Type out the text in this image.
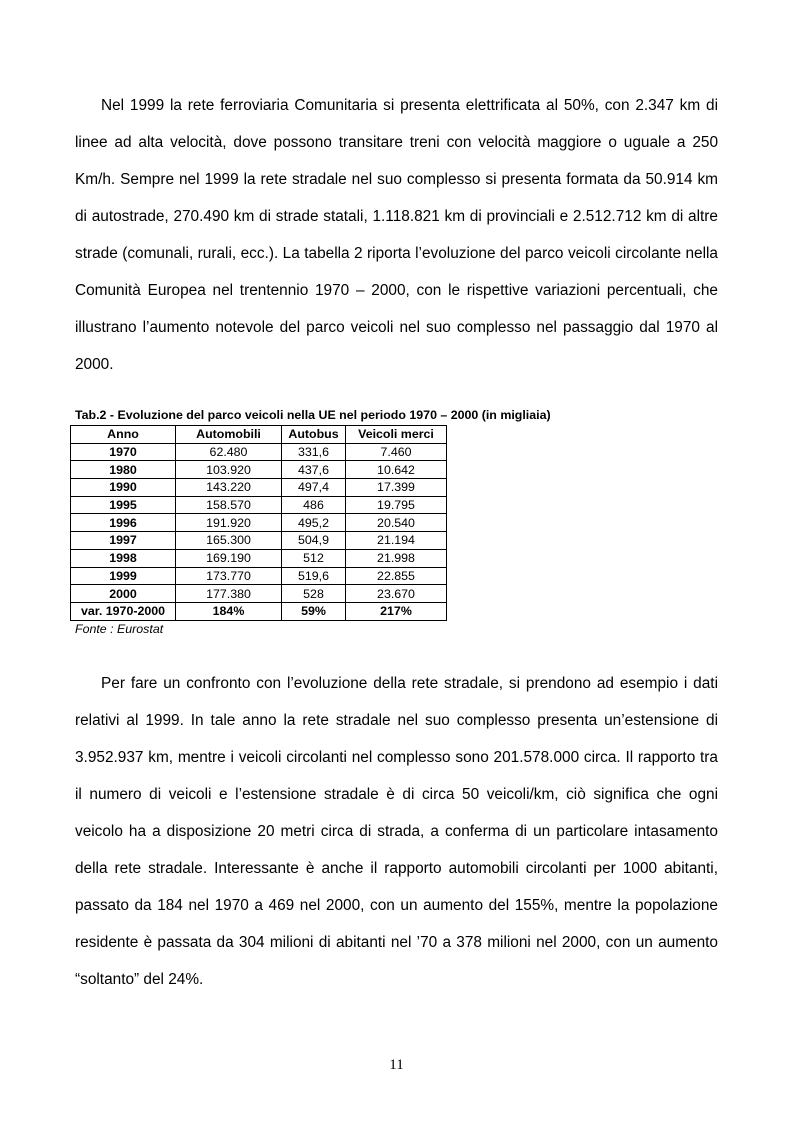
Nel 1999 la rete ferroviaria Comunitaria si presenta elettrificata al 50%, con 2.347 km di linee ad alta velocità, dove possono transitare treni con velocità maggiore o uguale a 250 Km/h. Sempre nel 1999 la rete stradale nel suo complesso si presenta formata da 50.914 km di autostrade, 270.490 km di strade statali, 1.118.821 km di provinciali e 2.512.712 km di altre strade (comunali, rurali, ecc.). La tabella 2 riporta l’evoluzione del parco veicoli circolante nella Comunità Europea nel trentennio 1970 – 2000, con le rispettive variazioni percentuali, che illustrano l’aumento notevole del parco veicoli nel suo complesso nel passaggio dal 1970 al 2000.

Tab.2 - Evoluzione del parco veicoli nella UE nel periodo 1970 – 2000 (in migliaia)
Anno	Automobili	Autobus	Veicoli merci
1970	62.480	331,6	7.460
1980	103.920	437,6	10.642
1990	143.220	497,4	17.399
1995	158.570	486	19.795
1996	191.920	495,2	20.540
1997	165.300	504,9	21.194
1998	169.190	512	21.998
1999	173.770	519,6	22.855
2000	177.380	528	23.670
var. 1970-2000	184%	59%	217%
Fonte : Eurostat

Per fare un confronto con l’evoluzione della rete stradale, si prendono ad esempio i dati relativi al 1999. In tale anno la rete stradale nel suo complesso presenta un’estensione di 3.952.937 km, mentre i veicoli circolanti nel complesso sono 201.578.000 circa. Il rapporto tra il numero di veicoli e l’estensione stradale è di circa 50 veicoli/km, ciò significa che ogni veicolo ha a disposizione 20 metri circa di strada, a conferma di un particolare intasamento della rete stradale. Interessante è anche il rapporto automobili circolanti per 1000 abitanti, passato da 184 nel 1970 a 469 nel 2000, con un aumento del 155%, mentre la popolazione residente è passata da 304 milioni di abitanti nel ’70 a 378 milioni nel 2000, con un aumento “soltanto” del 24%.

11
